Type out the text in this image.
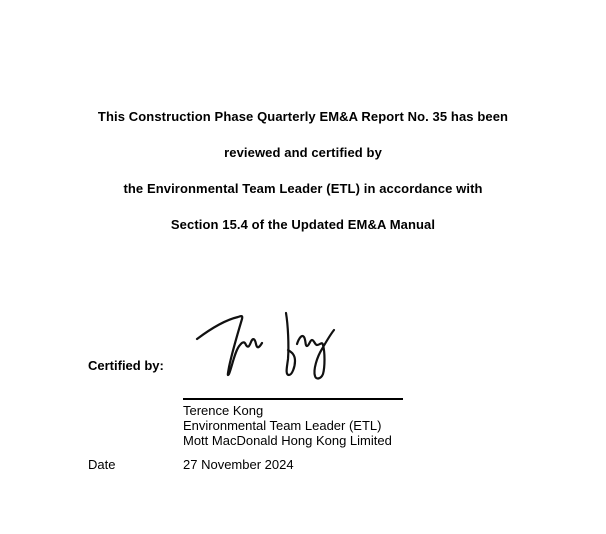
This Construction Phase Quarterly EM&A Report No. 35 has been

reviewed and certified by

the Environmental Team Leader (ETL) in accordance with

Section 15.4 of the Updated EM&A Manual

Certified by:
Terence Kong
Environmental Team Leader (ETL)
Mott MacDonald Hong Kong Limited
Date	27 November 2024
